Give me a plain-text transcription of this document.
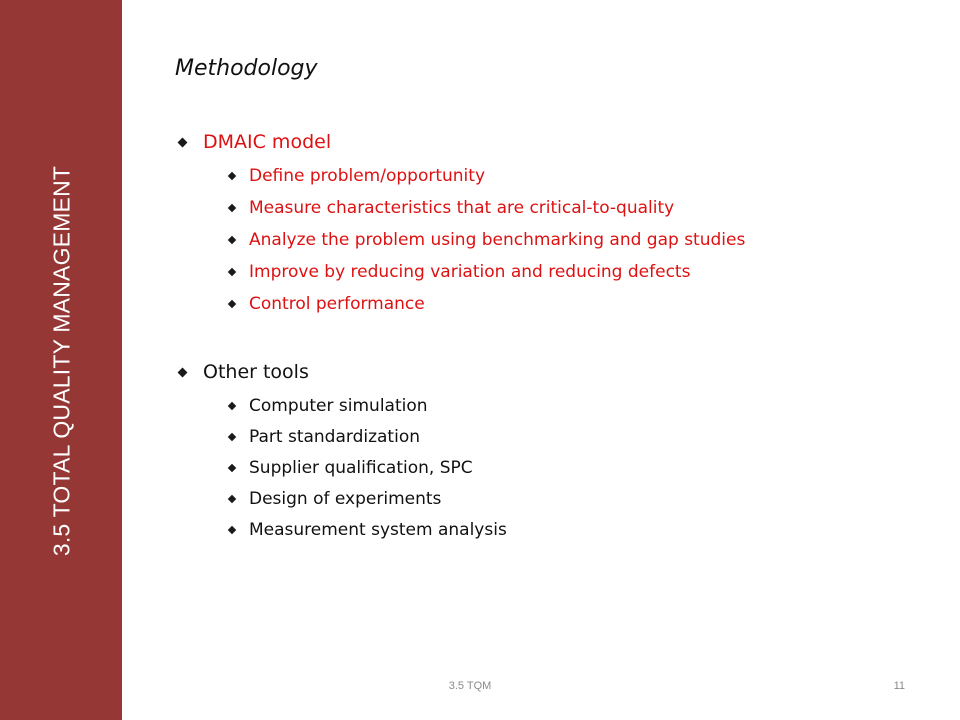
3.5 TOTAL QUALITY MANAGEMENT
Methodology
DMAIC model
Define problem/opportunity
Measure characteristics that are critical-to-quality
Analyze the problem using benchmarking and gap studies
Improve by reducing variation and reducing defects
Control performance
Other tools
Computer simulation
Part standardization
Supplier qualification, SPC
Design of experiments
Measurement system analysis
3.5 TQM	11
